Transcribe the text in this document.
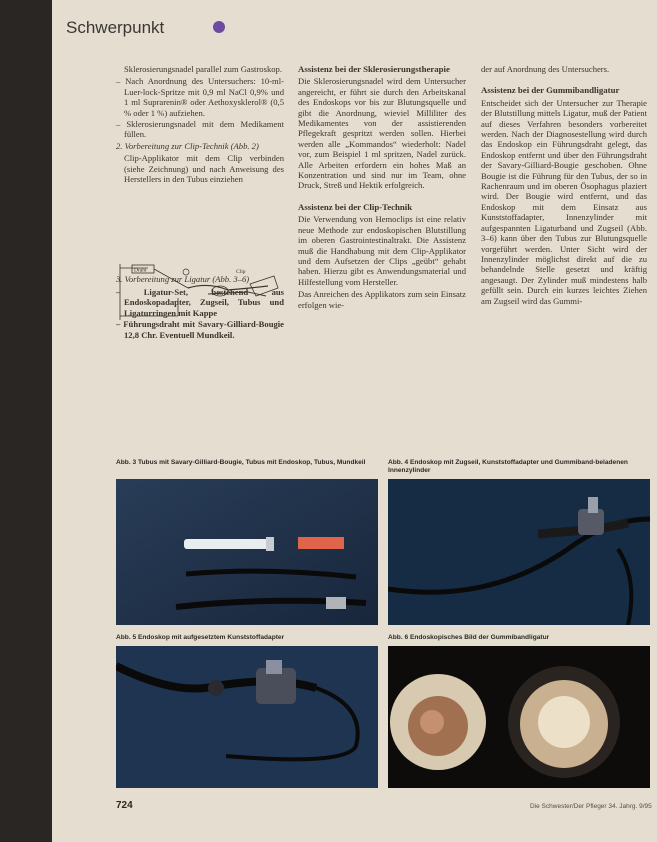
Schwerpunkt

Sklerosierungsnadel parallel zum Gastroskop.

– Nach Anordnung des Untersuchers: 10-ml-Luer-lock-Spritze mit 0,9 ml NaCl 0,9% und 1 ml Suprarenin® oder Aethoxysklerol® (0,5 % oder 1 %) aufziehen.
– Sklerosierungsnadel mit dem Medikament füllen.

2. Vorbereitung zur Clip-Technik (Abb. 2)

Clip-Applikator mit dem Clip verbinden (siehe Zeichnung) und nach Anweisung des Herstellers in den Tubus einziehen

3. Vorbereitung zur Ligatur (Abb. 3–6)

– Ligatur-Set, bestehend aus Endoskopadapter, Zugseil, Tubus und Ligaturringen mit Kappe
– Führungsdraht mit Savary-Gilliard-Bougie 12,8 Chr. Eventuell Mundkeil.
Draht	Clip
Assistenz bei der Sklerosierungstherapie

Die Sklerosierungsnadel wird dem Untersucher angereicht, er führt sie durch den Arbeitskanal des Endoskops vor bis zur Blutungsquelle und gibt die Anordnung, wieviel Milliliter des Medikamentes von der assistierenden Pflegekraft gespritzt werden sollen. Hierbei werden alle „Kommandos“ wiederholt: Nadel vor, zum Beispiel 1 ml spritzen, Nadel zurück. Alle Arbeiten erfordern ein hohes Maß an Konzentration und sind nur im Team, ohne Druck, Streß und Hektik erfolgreich.

Assistenz bei der Clip-Technik

Die Verwendung von Hemoclips ist eine relativ neue Methode zur endoskopischen Blutstillung im oberen Gastrointestinaltrakt. Die Assistenz muß die Handhabung mit dem Clip-Applikator und dem Aufsetzen der Clips „geübt“ gehabt haben. Hierzu gibt es Anwendungsmaterial und Hilfestellung vom Hersteller.

Das Anreichen des Applikators zum sein Einsatz erfolgen wie-

der auf Anordnung des Untersuchers.

Assistenz bei der Gummibandligatur

Entscheidet sich der Untersucher zur Therapie der Blutstillung mittels Ligatur, muß der Patient auf dieses Verfahren besonders vorbereitet werden. Nach der Diagnosestellung wird durch das Endoskop ein Führungsdraht gelegt, das Endoskop entfernt und über den Führungsdraht der Savary-Gilliard-Bougie geschoben. Ohne Bougie ist die Führung für den Tubus, der so in Rachenraum und im oberen Ösophagus plaziert wird. Der Bougie wird entfernt, und das Endoskop mit dem Einsatz aus Kunststoffadapter, Innenzylinder mit aufgespannten Ligaturband und Zugseil (Abb. 3–6) kann über den Tubus zur Blutungsquelle vorgeführt werden. Unter Sicht wird der Innenzylinder möglichst direkt auf die zu behandelnde Stelle gesetzt und kräftig angesaugt. Der Zylinder muß mindestens halb gefüllt sein. Durch ein kurzes leichtes Ziehen am Zugseil wird das Gummi-

Abb. 3 Tubus mit Savary-Gilliard-Bougie, Tubus mit Endoskop, Tubus, Mundkeil	Abb. 4 Endoskop mit Zugseil, Kunststoffadapter und Gummiband-beladenen Innenzylinder
Abb. 5 Endoskop mit aufgesetztem Kunststoffadapter	Abb. 6 Endoskopisches Bild der Gummibandligatur
724	Die Schwester/Der Pfleger 34. Jahrg. 9/95
